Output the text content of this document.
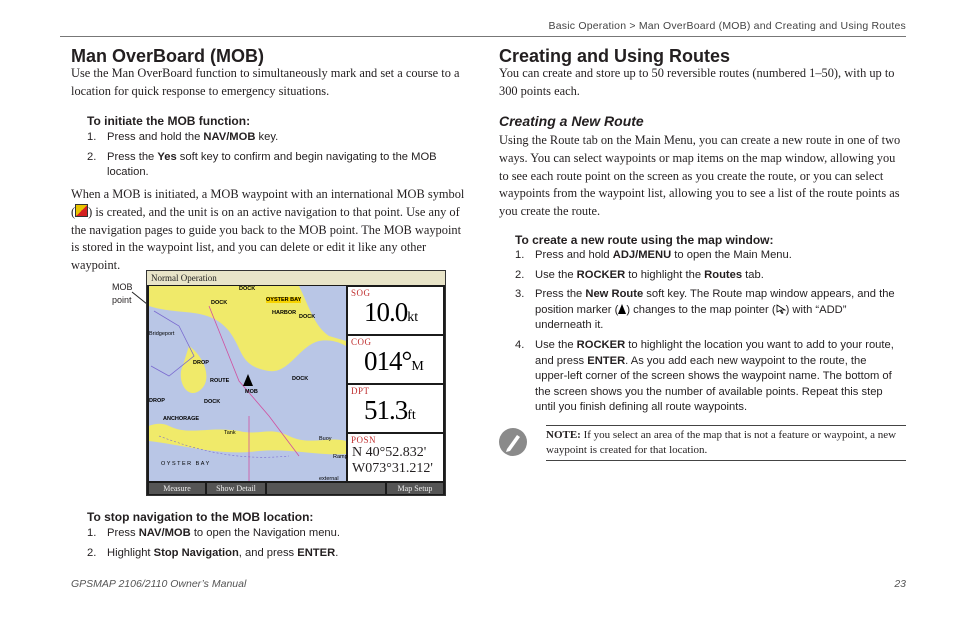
Basic Operation > Man OverBoard (MOB) and Creating and Using Routes
Man OverBoard (MOB)

Use the Man OverBoard function to simultaneously mark and set a course to a location for quick response to emergency situations.

To initiate the MOB function:

1. Press and hold the NAV/MOB key.
2. Press the Yes soft key to confirm and begin navigating to the MOB location.

When a MOB is initiated, a MOB waypoint with an international MOB symbol ( ) is created, and the unit is on an active navigation to that point. Use any of the navigation pages to guide you back to the MOB point. The MOB waypoint is stored in the waypoint list, and you can delete or edit it like any other waypoint.

MOB
point
Normal Operation
DOCK
OYSTER BAY
HARBOR
Bridgeport
DROP
DOCK
DOCK
DOCK
DROP
ROUTE
MOB
DOCK
ANCHORAGE
Tank
OYSTER BAY
Ramp
external
Buoy
SOG
10.0kt
COG
014°M
DPT
51.3ft
POSN
N 40°52.832'
W073°31.212'
Measure	Show Detail	Map Setup

To stop navigation to the MOB location:

1. Press NAV/MOB to open the Navigation menu.
2. Highlight Stop Navigation, and press ENTER.
Creating and Using Routes

You can create and store up to 50 reversible routes (numbered 1–50), with up to 300 points each.

Creating a New Route

Using the Route tab on the Main Menu, you can create a new route in one of two ways. You can select waypoints or map items on the map window, allowing you to see each route point on the screen as you create the route, or you can select waypoints from the waypoint list, allowing you to see a list of the route points as you create the route.

To create a new route using the map window:

1. Press and hold ADJ/MENU to open the Main Menu.
2. Use the ROCKER to highlight the Routes tab.
3. Press the New Route soft key. The Route map window appears, and the position marker ( ) changes to the map pointer ( ) with “ADD” underneath it.
4. Use the ROCKER to highlight the location you want to add to your route, and press ENTER. As you add each new waypoint to the route, the upper-left corner of the screen shows the waypoint name. The bottom of the screen shows you the number of available points. Repeat this step until you finish defining all route waypoints.

NOTE: If you select an area of the map that is not a feature or waypoint, a new waypoint is created for that location.

GPSMAP 2106/2110 Owner’s Manual	23
